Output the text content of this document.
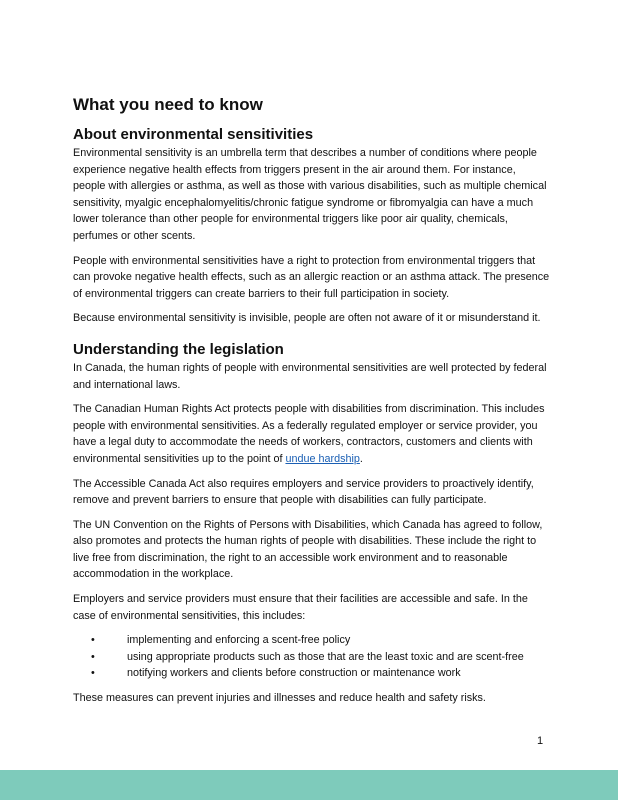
What you need to know
About environmental sensitivities

Environmental sensitivity is an umbrella term that describes a number of conditions where people experience negative health effects from triggers present in the air around them. For instance, people with allergies or asthma, as well as those with various disabilities, such as multiple chemical sensitivity, myalgic encephalomyelitis/chronic fatigue syndrome or fibromyalgia can have a much lower tolerance than other people for environmental triggers like poor air quality, chemicals, perfumes or other scents.

People with environmental sensitivities have a right to protection from environmental triggers that can provoke negative health effects, such as an allergic reaction or an asthma attack. The presence of environmental triggers can create barriers to their full participation in society.

Because environmental sensitivity is invisible, people are often not aware of it or misunderstand it.

Understanding the legislation

In Canada, the human rights of people with environmental sensitivities are well protected by federal and international laws.

The Canadian Human Rights Act protects people with disabilities from discrimination. This includes people with environmental sensitivities. As a federally regulated employer or service provider, you have a legal duty to accommodate the needs of workers, contractors, customers and clients with environmental sensitivities up to the point of undue hardship.

The Accessible Canada Act also requires employers and service providers to proactively identify, remove and prevent barriers to ensure that people with disabilities can fully participate.

The UN Convention on the Rights of Persons with Disabilities, which Canada has agreed to follow, also promotes and protects the human rights of people with disabilities. These include the right to live free from discrimination, the right to an accessible work environment and to reasonable accommodation in the workplace.

Employers and service providers must ensure that their facilities are accessible and safe. In the case of environmental sensitivities, this includes:

•	implementing and enforcing a scent-free policy
•	using appropriate products such as those that are the least toxic and are scent-free
•	notifying workers and clients before construction or maintenance work

These measures can prevent injuries and illnesses and reduce health and safety risks.

1
